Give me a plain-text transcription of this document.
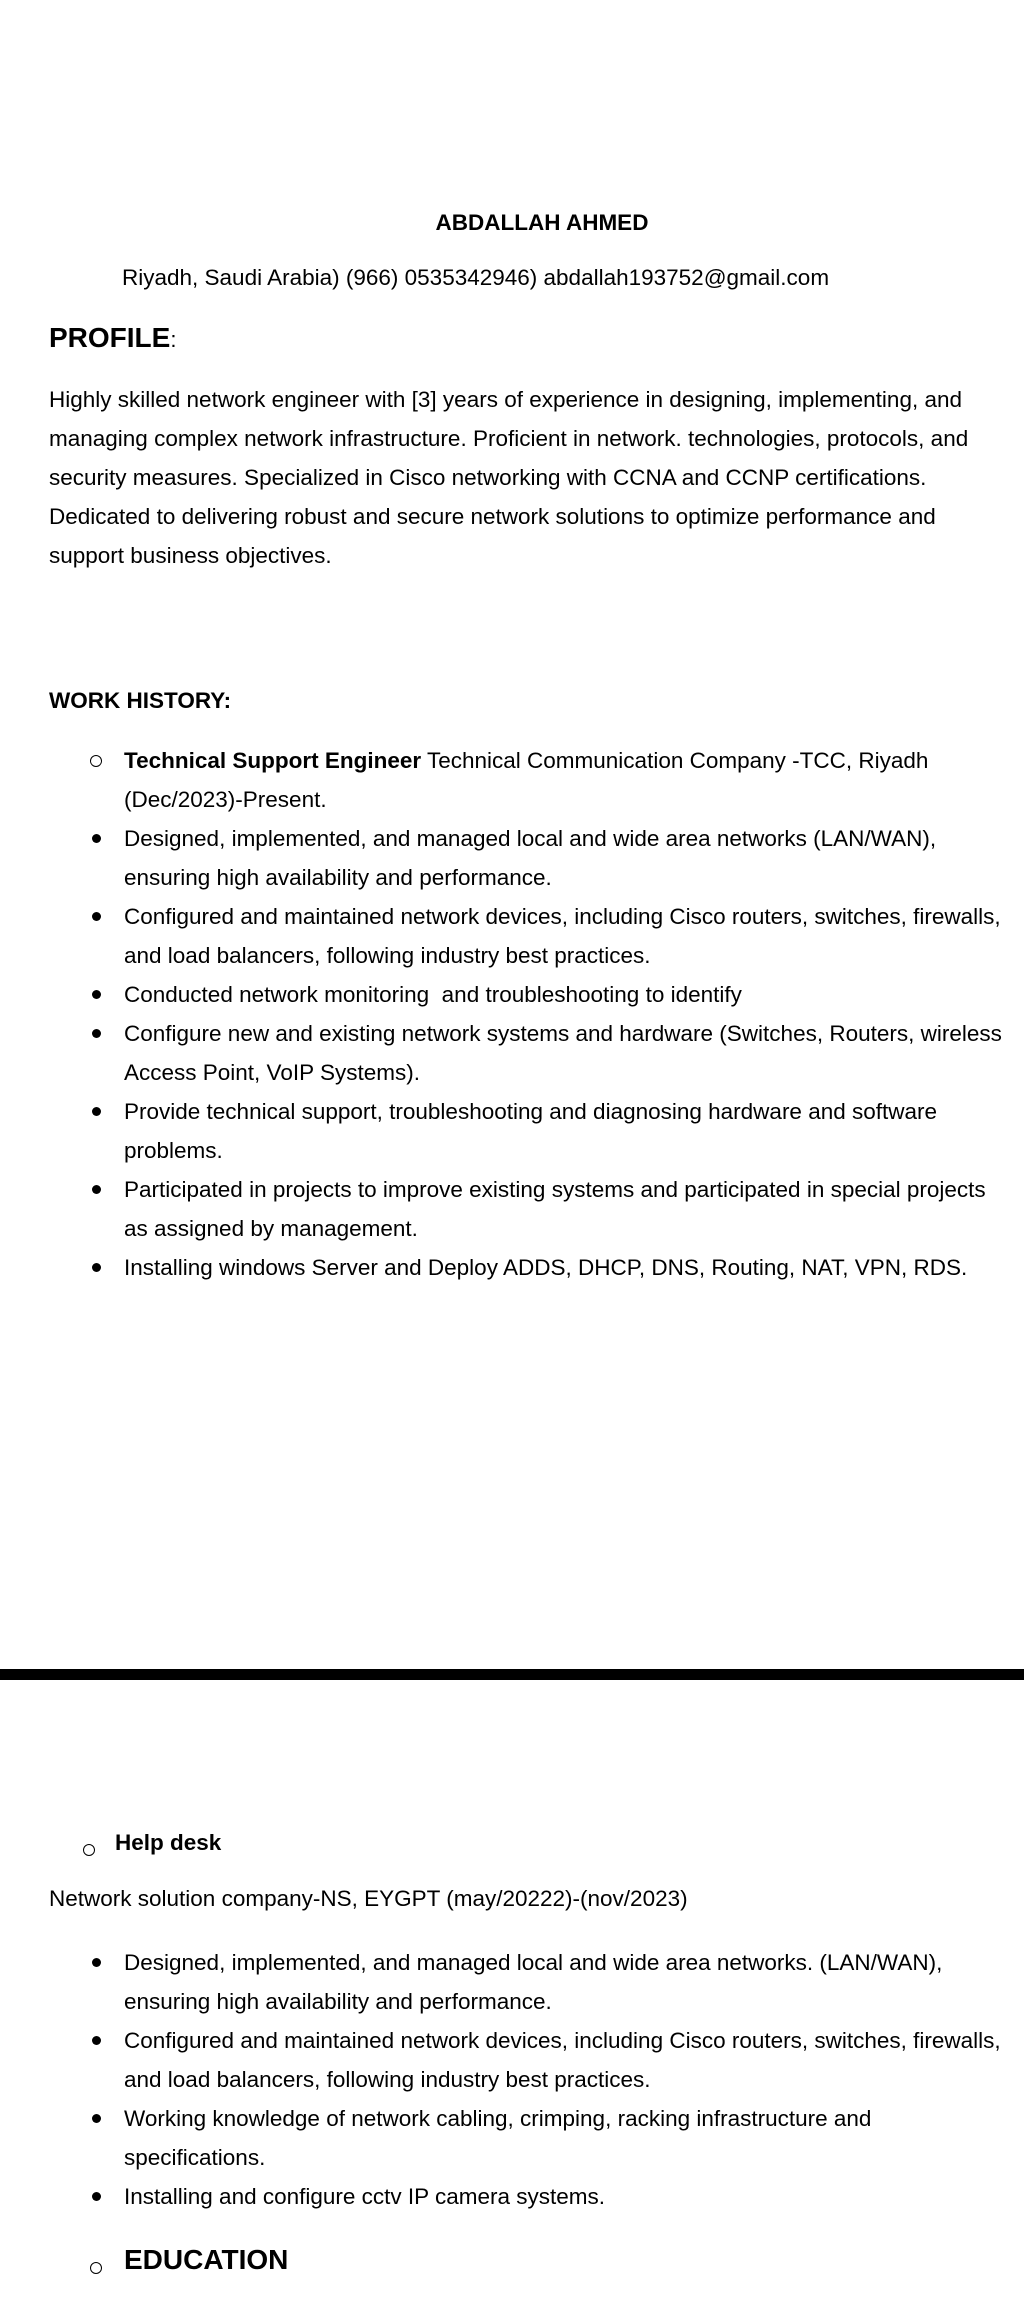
ABDALLAH AHMED
Riyadh, Saudi Arabia) (966) 0535342946) abdallah193752@gmail.com
PROFILE:
Highly skilled network engineer with [3] years of experience in designing, implementing, and managing complex network infrastructure. Proficient in network. technologies, protocols, and security measures. Specialized in Cisco networking with CCNA and CCNP certifications. Dedicated to delivering robust and secure network solutions to optimize performance and support business objectives.
WORK HISTORY:
Technical Support Engineer Technical Communication Company -TCC, Riyadh (Dec/2023)-Present.
Designed, implemented, and managed local and wide area networks (LAN/WAN), ensuring high availability and performance.
Configured and maintained network devices, including Cisco routers, switches, firewalls, and load balancers, following industry best practices.
Conducted network monitoring  and troubleshooting to identify
Configure new and existing network systems and hardware (Switches, Routers, wireless Access Point, VoIP Systems).
Provide technical support, troubleshooting and diagnosing hardware and software problems.
Participated in projects to improve existing systems and participated in special projects as assigned by management.
Installing windows Server and Deploy ADDS, DHCP, DNS, Routing, NAT, VPN, RDS.
Help desk
Network solution company-NS, EYGPT (may/20222)-(nov/2023)
Designed, implemented, and managed local and wide area networks. (LAN/WAN), ensuring high availability and performance.
Configured and maintained network devices, including Cisco routers, switches, firewalls, and load balancers, following industry best practices.
Working knowledge of network cabling, crimping, racking infrastructure and specifications.
Installing and configure cctv IP camera systems.
EDUCATION
